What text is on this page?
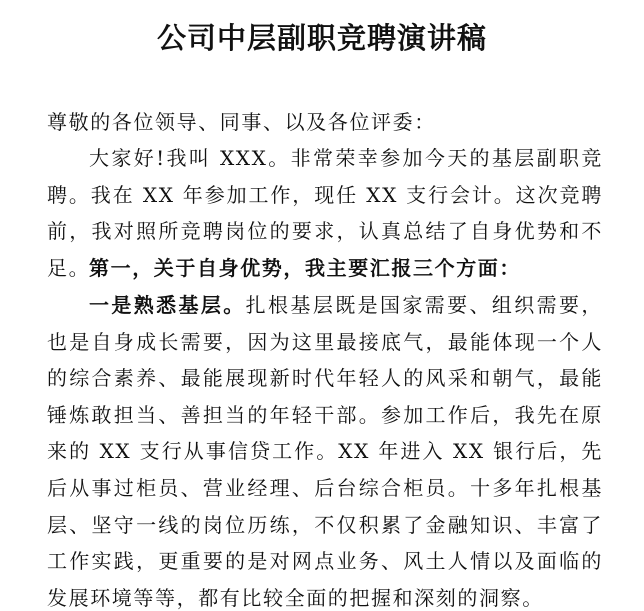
公司中层副职竞聘演讲稿

尊敬的各位领导、同事、以及各位评委：

大家好!我叫 XXX。非常荣幸参加今天的基层副职竞聘。我在 XX 年参加工作，现任 XX 支行会计。这次竞聘前，我对照所竞聘岗位的要求，认真总结了自身优势和不足。

第一，关于自身优势，我主要汇报三个方面：

一是熟悉基层。扎根基层既是国家需要、组织需要，也是自身成长需要，因为这里最接底气，最能体现一个人的综合素养、最能展现新时代年轻人的风采和朝气，最能锤炼敢担当、善担当的年轻干部。参加工作后，我先在原来的 XX 支行从事信贷工作。XX 年进入 XX 银行后，先后从事过柜员、营业经理、后台综合柜员。十多年扎根基层、坚守一线的岗位历练，不仅积累了金融知识、丰富了工作实践，更重要的是对网点业务、风土人情以及面临的发展环境等等，都有比较全面的把握和深刻的洞察。
